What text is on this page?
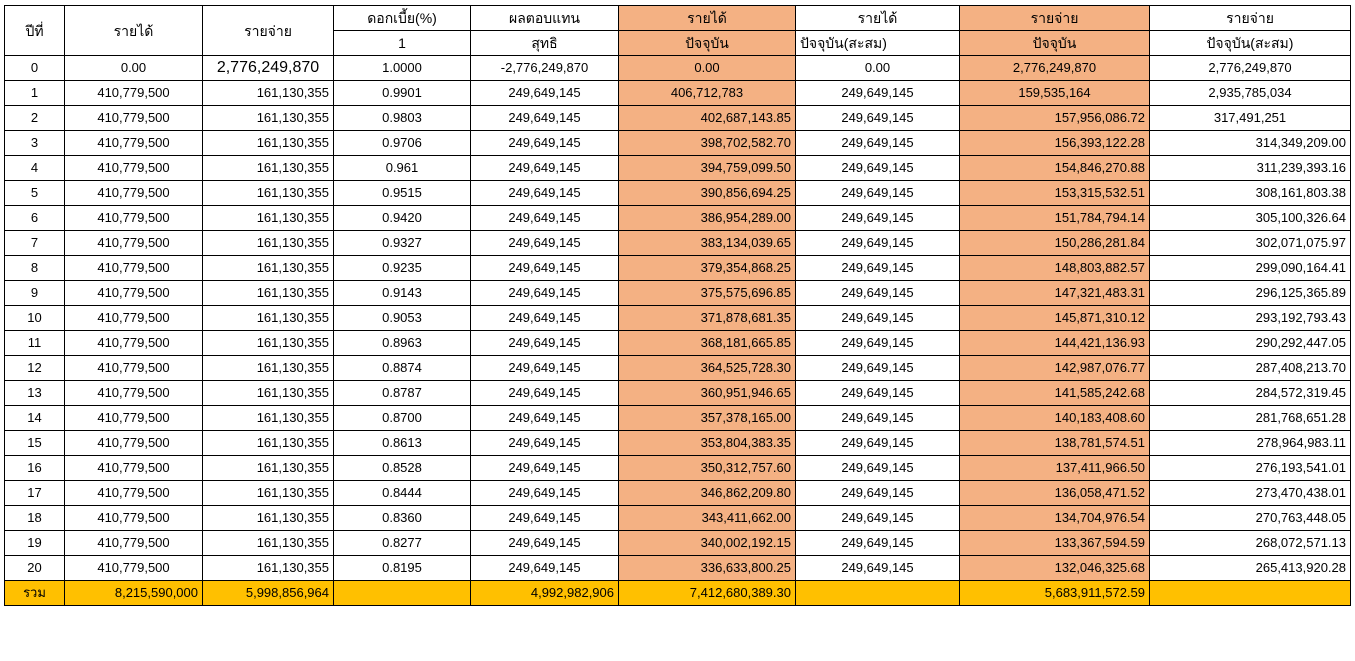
ปีที่	รายได้	รายจ่าย	ดอกเบี้ย(%)	ผลตอบแทน	รายได้	รายได้	รายจ่าย	รายจ่าย
			1	สุทธิ	ปัจจุบัน	ปัจจุบัน(สะสม)	ปัจจุบัน	ปัจจุบัน(สะสม)
0	0.00	2,776,249,870	1.0000	-2,776,249,870	0.00	0.00	2,776,249,870	2,776,249,870
1	410,779,500	161,130,355	0.9901	249,649,145	406,712,783	249,649,145	159,535,164	2,935,785,034
2	410,779,500	161,130,355	0.9803	249,649,145	402,687,143.85	249,649,145	157,956,086.72	317,491,251
3	410,779,500	161,130,355	0.9706	249,649,145	398,702,582.70	249,649,145	156,393,122.28	314,349,209.00
4	410,779,500	161,130,355	0.961	249,649,145	394,759,099.50	249,649,145	154,846,270.88	311,239,393.16
5	410,779,500	161,130,355	0.9515	249,649,145	390,856,694.25	249,649,145	153,315,532.51	308,161,803.38
6	410,779,500	161,130,355	0.9420	249,649,145	386,954,289.00	249,649,145	151,784,794.14	305,100,326.64
7	410,779,500	161,130,355	0.9327	249,649,145	383,134,039.65	249,649,145	150,286,281.84	302,071,075.97
8	410,779,500	161,130,355	0.9235	249,649,145	379,354,868.25	249,649,145	148,803,882.57	299,090,164.41
9	410,779,500	161,130,355	0.9143	249,649,145	375,575,696.85	249,649,145	147,321,483.31	296,125,365.89
10	410,779,500	161,130,355	0.9053	249,649,145	371,878,681.35	249,649,145	145,871,310.12	293,192,793.43
11	410,779,500	161,130,355	0.8963	249,649,145	368,181,665.85	249,649,145	144,421,136.93	290,292,447.05
12	410,779,500	161,130,355	0.8874	249,649,145	364,525,728.30	249,649,145	142,987,076.77	287,408,213.70
13	410,779,500	161,130,355	0.8787	249,649,145	360,951,946.65	249,649,145	141,585,242.68	284,572,319.45
14	410,779,500	161,130,355	0.8700	249,649,145	357,378,165.00	249,649,145	140,183,408.60	281,768,651.28
15	410,779,500	161,130,355	0.8613	249,649,145	353,804,383.35	249,649,145	138,781,574.51	278,964,983.11
16	410,779,500	161,130,355	0.8528	249,649,145	350,312,757.60	249,649,145	137,411,966.50	276,193,541.01
17	410,779,500	161,130,355	0.8444	249,649,145	346,862,209.80	249,649,145	136,058,471.52	273,470,438.01
18	410,779,500	161,130,355	0.8360	249,649,145	343,411,662.00	249,649,145	134,704,976.54	270,763,448.05
19	410,779,500	161,130,355	0.8277	249,649,145	340,002,192.15	249,649,145	133,367,594.59	268,072,571.13
20	410,779,500	161,130,355	0.8195	249,649,145	336,633,800.25	249,649,145	132,046,325.68	265,413,920.28
รวม	8,215,590,000	5,998,856,964		4,992,982,906	7,412,680,389.30		5,683,911,572.59	
